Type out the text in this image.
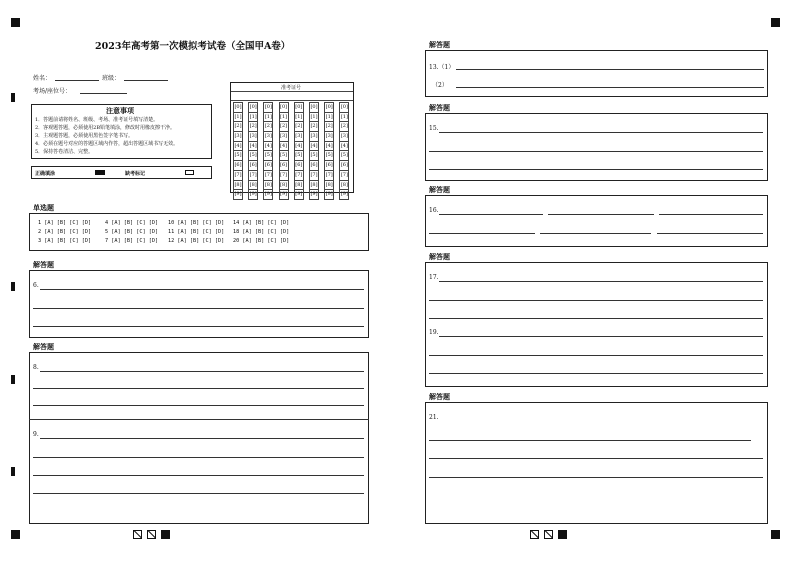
2023年高考第一次模拟考试卷（全国甲A卷）
姓名：	班级：
考场/座位号：
注意事项
1．答题前请将姓名、班级、考场、准考证号填写清楚。
2．客观题答题，必须使用2B铅笔填涂，修改时用橡皮擦干净。
3．主观题答题，必须使用黑色签字笔书写。
4．必须在题号对应的答题区域内作答，超出答题区域书写无效。
5．保持答卷清洁、完整。
正确填涂	缺考标记
准考证号
[0]
[1]
[2]
[3]
[4]
[5]
[6]
[7]
[8]
[9]
[0]
[1]
[2]
[3]
[4]
[5]
[6]
[7]
[8]
[9]
[0]
[1]
[2]
[3]
[4]
[5]
[6]
[7]
[8]
[9]
[0]
[1]
[2]
[3]
[4]
[5]
[6]
[7]
[8]
[9]
[0]
[1]
[2]
[3]
[4]
[5]
[6]
[7]
[8]
[9]
[0]
[1]
[2]
[3]
[4]
[5]
[6]
[7]
[8]
[9]
[0]
[1]
[2]
[3]
[4]
[5]
[6]
[7]
[8]
[9]
[0]
[1]
[2]
[3]
[4]
[5]
[6]
[7]
[8]
[9]
单选题
1 [A] [B] [C] [D]
2 [A] [B] [C] [D]
3 [A] [B] [C] [D]
4 [A] [B] [C] [D]
5 [A] [B] [C] [D]
7 [A] [B] [C] [D]
10 [A] [B] [C] [D]
11 [A] [B] [C] [D]
12 [A] [B] [C] [D]
14 [A] [B] [C] [D]
18 [A] [B] [C] [D]
20 [A] [B] [C] [D]
解答题
6.
解答题
8.
9.
解答题
13.（1）
（2）
解答题
15.
解答题
16.
解答题
17.
19.
解答题
21.
